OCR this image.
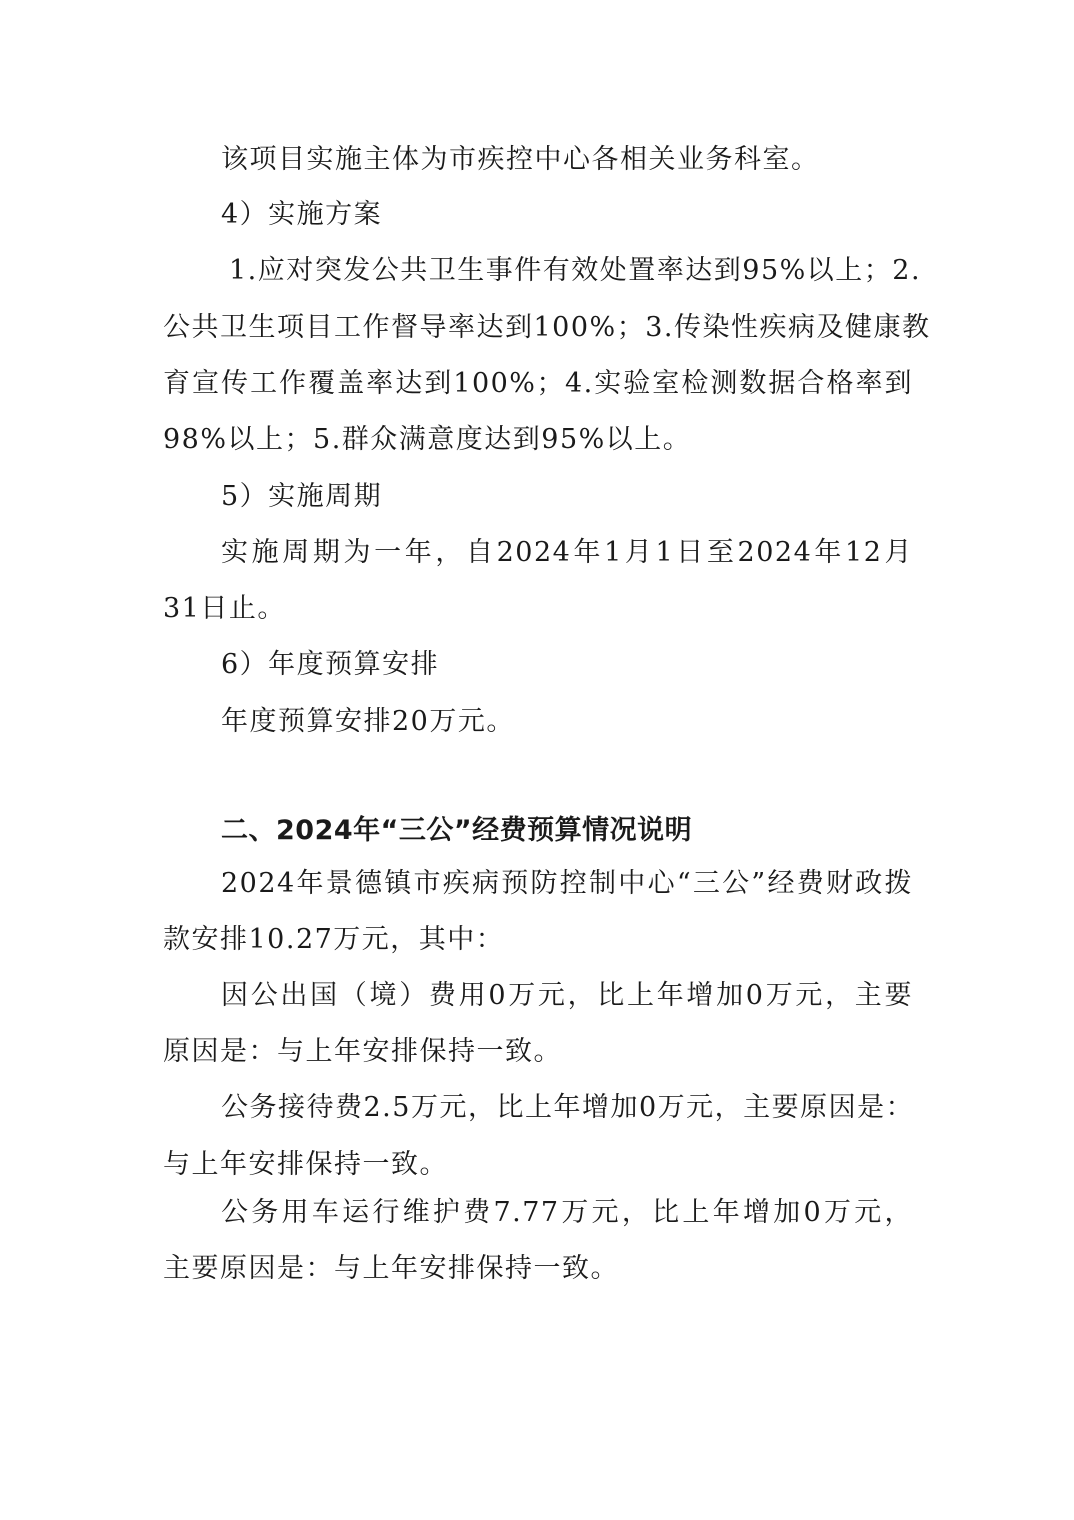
该项目实施主体为市疾控中心各相关业务科室。
4）实施方案
1.应对突发公共卫生事件有效处置率达到95%以上；2.
公共卫生项目工作督导率达到100%；3.传染性疾病及健康教
育宣传工作覆盖率达到100%；4.实验室检测数据合格率到
98%以上；5.群众满意度达到95%以上。
5）实施周期
实施周期为一年，自2024年1月1日至2024年12月
31日止。
6）年度预算安排
年度预算安排20万元。
二、2024年“三公”经费预算情况说明
2024年景德镇市疾病预防控制中心“三公”经费财政拨
款安排10.27万元，其中：
因公出国（境）费用0万元，比上年增加0万元，主要
原因是：与上年安排保持一致。
公务接待费2.5万元，比上年增加0万元，主要原因是：
与上年安排保持一致。
公务用车运行维护费7.77万元，比上年增加0万元，
主要原因是：与上年安排保持一致。
